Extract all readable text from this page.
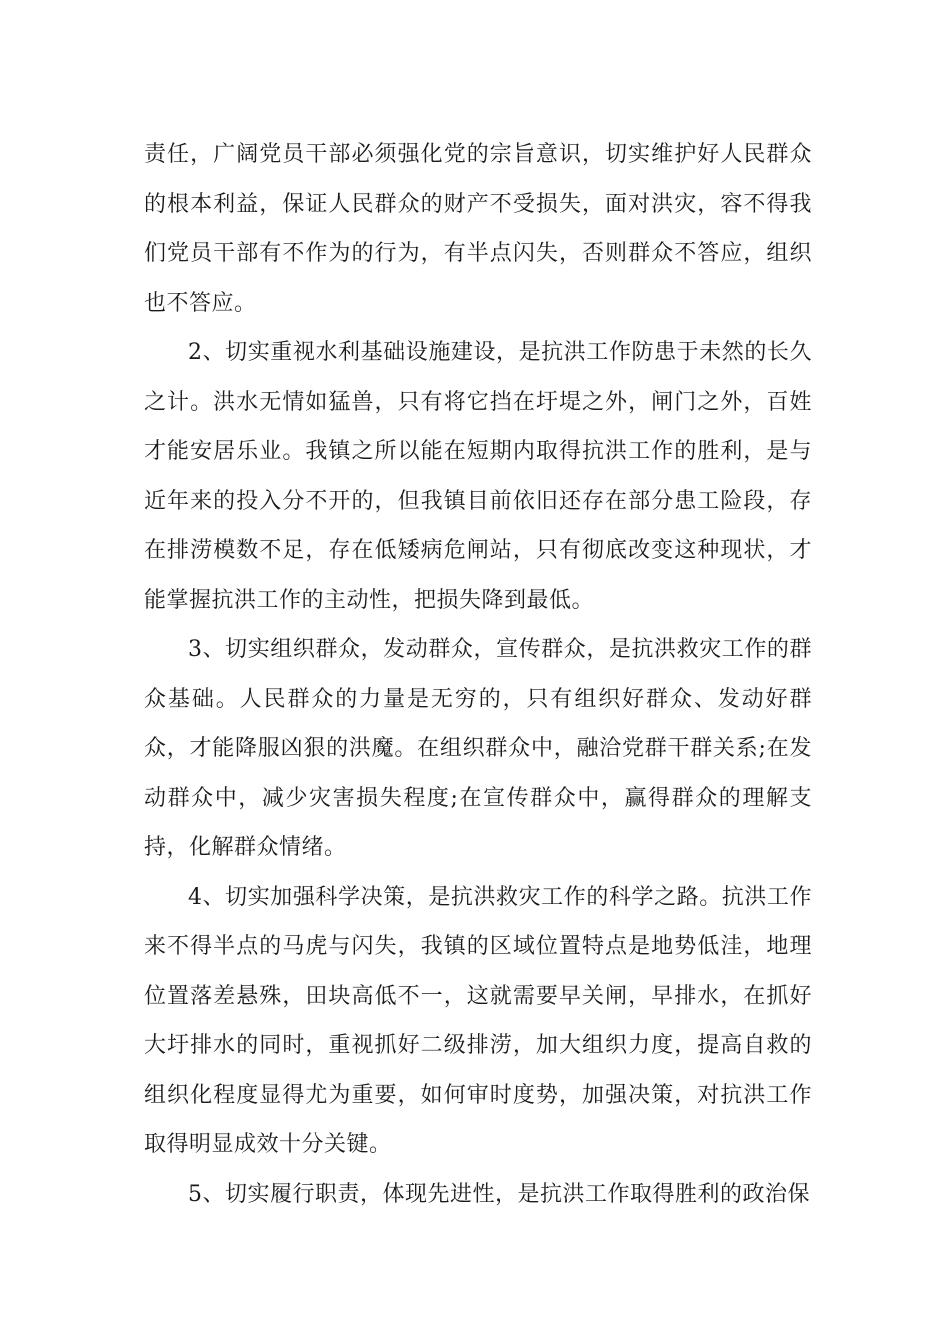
责任，广阔党员干部必须强化党的宗旨意识，切实维护好人民群众的根本利益，保证人民群众的财产不受损失，面对洪灾，容不得我们党员干部有不作为的行为，有半点闪失，否则群众不答应，组织也不答应。

2、切实重视水利基础设施建设，是抗洪工作防患于未然的长久之计。洪水无情如猛兽，只有将它挡在圩堤之外，闸门之外，百姓才能安居乐业。我镇之所以能在短期内取得抗洪工作的胜利，是与近年来的投入分不开的，但我镇目前依旧还存在部分患工险段，存在排涝模数不足，存在低矮病危闸站，只有彻底改变这种现状，才能掌握抗洪工作的主动性，把损失降到最低。

3、切实组织群众，发动群众，宣传群众，是抗洪救灾工作的群众基础。人民群众的力量是无穷的，只有组织好群众、发动好群众，才能降服凶狠的洪魔。在组织群众中，融洽党群干群关系;在发动群众中，减少灾害损失程度;在宣传群众中，赢得群众的理解支持，化解群众情绪。

4、切实加强科学决策，是抗洪救灾工作的科学之路。抗洪工作来不得半点的马虎与闪失，我镇的区域位置特点是地势低洼，地理位置落差悬殊，田块高低不一，这就需要早关闸，早排水，在抓好大圩排水的同时，重视抓好二级排涝，加大组织力度，提高自救的组织化程度显得尤为重要，如何审时度势，加强决策，对抗洪工作取得明显成效十分关键。

5、切实履行职责，体现先进性，是抗洪工作取得胜利的政治保
